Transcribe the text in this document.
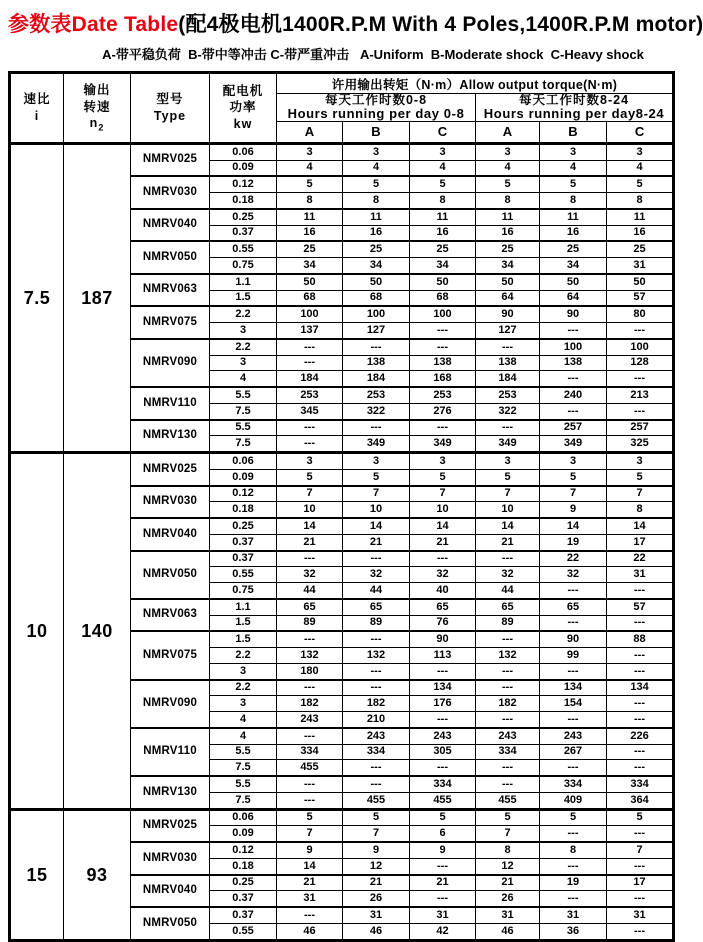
参数表Date Table(配4极电机1400R.P.M With 4 Poles,1400R.P.M motor)
A-带平稳负荷  B-带中等冲击 C-带严重冲击   A-Uniform  B-Moderate shock  C-Heavy shock
速比
i

输出
转速
$n_2$

型号
Type

配电机
功率
kw
	许用输出转矩（N·m）Allow output torque(N·m)

每天工作时数0-8
Hours running per day 0-8

每天工作时数8-24
Hours running per day8-24

				A	B	C	A	B	C
7.5	187	NMRV025	0.06	3	3	3	3	3	3
			0.09	4	4	4	4	4	4
		NMRV030	0.12	5	5	5	5	5	5
			0.18	8	8	8	8	8	8
		NMRV040	0.25	11	11	11	11	11	11
			0.37	16	16	16	16	16	16
		NMRV050	0.55	25	25	25	25	25	25
			0.75	34	34	34	34	34	31
		NMRV063	1.1	50	50	50	50	50	50
			1.5	68	68	68	64	64	57
		NMRV075	2.2	100	100	100	90	90	80
			3	137	127	---	127	---	---
		NMRV090	2.2	---	---	---	---	100	100
			3	---	138	138	138	138	128
			4	184	184	168	184	---	---
		NMRV110	5.5	253	253	253	253	240	213
			7.5	345	322	276	322	---	---
		NMRV130	5.5	---	---	---	---	257	257
			7.5	---	349	349	349	349	325
10	140	NMRV025	0.06	3	3	3	3	3	3
			0.09	5	5	5	5	5	5
		NMRV030	0.12	7	7	7	7	7	7
			0.18	10	10	10	10	9	8
		NMRV040	0.25	14	14	14	14	14	14
			0.37	21	21	21	21	19	17
		NMRV050	0.37	---	---	---	---	22	22
			0.55	32	32	32	32	32	31
			0.75	44	44	40	44	---	---
		NMRV063	1.1	65	65	65	65	65	57
			1.5	89	89	76	89	---	---
		NMRV075	1.5	---	---	90	---	90	88
			2.2	132	132	113	132	99	---
			3	180	---	---	---	---	---
		NMRV090	2.2	---	---	134	---	134	134
			3	182	182	176	182	154	---
			4	243	210	---	---	---	---
		NMRV110	4	---	243	243	243	243	226
			5.5	334	334	305	334	267	---
			7.5	455	---	---	---	---	---
		NMRV130	5.5	---	---	334	---	334	334
			7.5	---	455	455	455	409	364
15	93	NMRV025	0.06	5	5	5	5	5	5
			0.09	7	7	6	7	---	---
		NMRV030	0.12	9	9	9	8	8	7
			0.18	14	12	---	12	---	---
		NMRV040	0.25	21	21	21	21	19	17
			0.37	31	26	---	26	---	---
		NMRV050	0.37	---	31	31	31	31	31
			0.55	46	46	42	46	36	---
